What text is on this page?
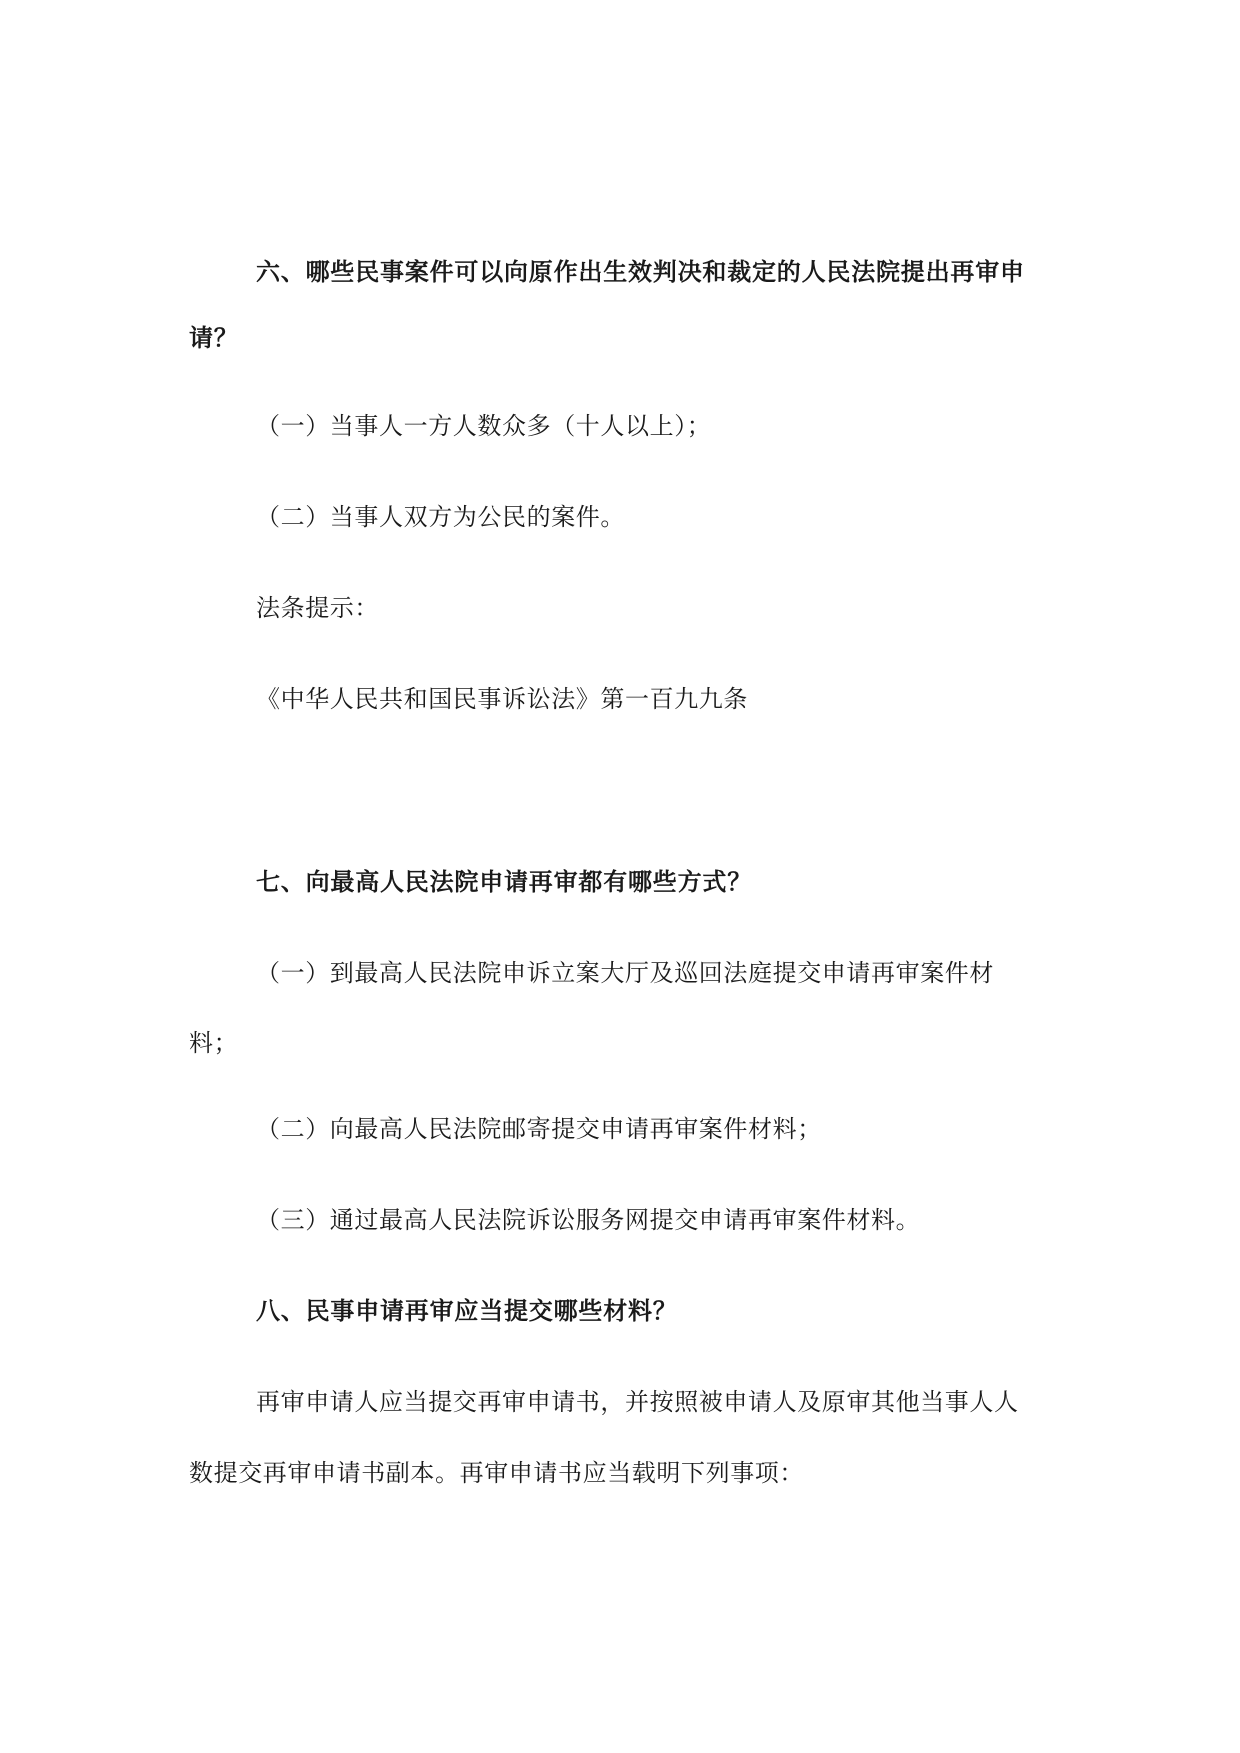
六、哪些民事案件可以向原作出生效判决和裁定的人民法院提出再审申
请？
（一）当事人一方人数众多（十人以上）；
（二）当事人双方为公民的案件。
法条提示：
《中华人民共和国民事诉讼法》第一百九九条
七、向最高人民法院申请再审都有哪些方式？
（一）到最高人民法院申诉立案大厅及巡回法庭提交申请再审案件材
料；
（二）向最高人民法院邮寄提交申请再审案件材料；
（三）通过最高人民法院诉讼服务网提交申请再审案件材料。
八、民事申请再审应当提交哪些材料？
再审申请人应当提交再审申请书，并按照被申请人及原审其他当事人人
数提交再审申请书副本。再审申请书应当载明下列事项：
